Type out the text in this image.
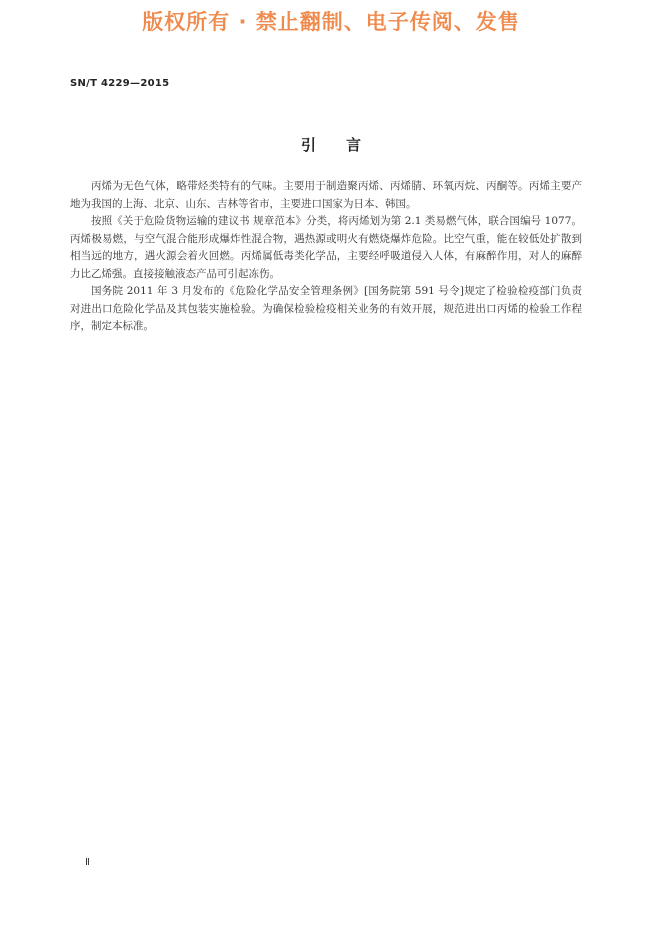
版权所有 · 禁止翻制、电子传阅、发售
SN/T 4229—2015
引言

丙烯为无色气体，略带烃类特有的气味。主要用于制造聚丙烯、丙烯腈、环氧丙烷、丙酮等。丙烯主要产地为我国的上海、北京、山东、吉林等省市，主要进口国家为日本、韩国。

按照《关于危险货物运输的建议书 规章范本》分类，将丙烯划为第 2.1 类易燃气体，联合国编号 1077。丙烯极易燃，与空气混合能形成爆炸性混合物，遇热源或明火有燃烧爆炸危险。比空气重，能在较低处扩散到相当远的地方，遇火源会着火回燃。丙烯属低毒类化学品，主要经呼吸道侵入人体，有麻醉作用，对人的麻醉力比乙烯强。直接接触液态产品可引起冻伤。

国务院 2011 年 3 月发布的《危险化学品安全管理条例》[国务院第 591 号令]规定了检验检疫部门负责对进出口危险化学品及其包装实施检验。为确保检验检疫相关业务的有效开展，规范进出口丙烯的检验工作程序，制定本标准。

Ⅱ
